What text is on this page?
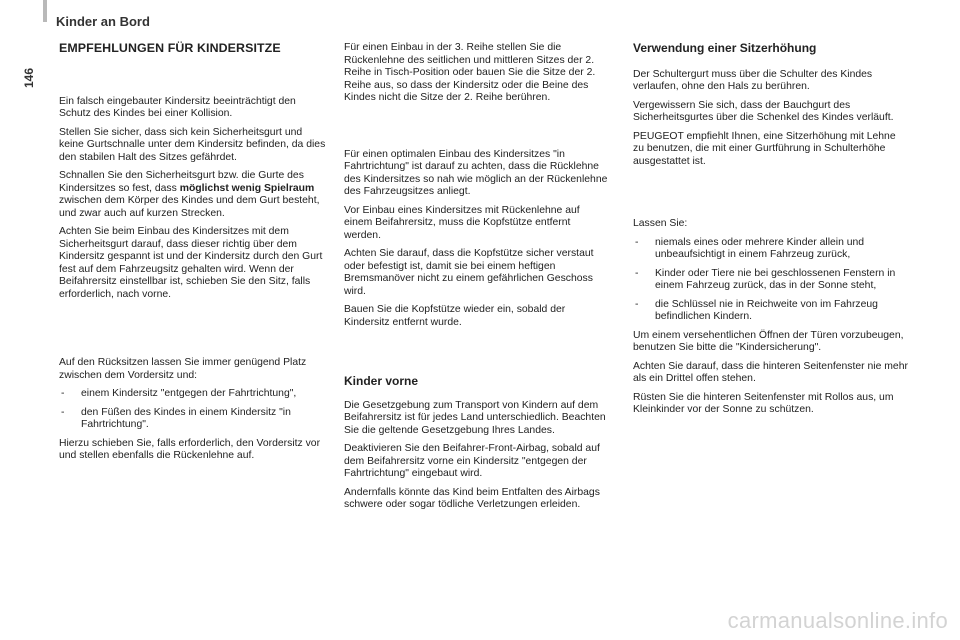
Kinder an Bord
146
EMPFEHLUNGEN FÜR KINDERSITZE

Ein falsch eingebauter Kindersitz beeinträchtigt den Schutz des Kindes bei einer Kollision.

Stellen Sie sicher, dass sich kein Sicherheitsgurt und keine Gurtschnalle unter dem Kindersitz befinden, da dies den stabilen Halt des Sitzes gefährdet.

Schnallen Sie den Sicherheitsgurt bzw. die Gurte des Kindersitzes so fest, dass möglichst wenig Spielraum zwischen dem Körper des Kindes und dem Gurt besteht, und zwar auch auf kurzen Strecken.

Achten Sie beim Einbau des Kindersitzes mit dem Sicherheitsgurt darauf, dass dieser richtig über dem Kindersitz gespannt ist und der Kindersitz durch den Gurt fest auf dem Fahrzeugsitz gehalten wird. Wenn der Beifahrersitz einstellbar ist, schieben Sie den Sitz, falls erforderlich, nach vorne.

Auf den Rücksitzen lassen Sie immer genügend Platz zwischen dem Vordersitz und:

- einem Kindersitz "entgegen der Fahrtrichtung",
- den Füßen des Kindes in einem Kindersitz "in Fahrtrichtung".

Hierzu schieben Sie, falls erforderlich, den Vordersitz vor und stellen ebenfalls die Rückenlehne auf.

Für einen Einbau in der 3. Reihe stellen Sie die Rückenlehne des seitlichen und mittleren Sitzes der 2. Reihe in Tisch-Position oder bauen Sie die Sitze der 2. Reihe aus, so dass der Kindersitz oder die Beine des Kindes nicht die Sitze der 2. Reihe berühren.

Für einen optimalen Einbau des Kindersitzes "in Fahrtrichtung" ist darauf zu achten, dass die Rücklehne des Kindersitzes so nah wie möglich an der Rückenlehne des Fahrzeugsitzes anliegt.

Vor Einbau eines Kindersitzes mit Rückenlehne auf einem Beifahrersitz, muss die Kopfstütze entfernt werden.

Achten Sie darauf, dass die Kopfstütze sicher verstaut oder befestigt ist, damit sie bei einem heftigen Bremsmanöver nicht zu einem gefährlichen Geschoss wird.

Bauen Sie die Kopfstütze wieder ein, sobald der Kindersitz entfernt wurde.

Kinder vorne

Die Gesetzgebung zum Transport von Kindern auf dem Beifahrersitz ist für jedes Land unterschiedlich. Beachten Sie die geltende Gesetzgebung Ihres Landes.

Deaktivieren Sie den Beifahrer-Front-Airbag, sobald auf dem Beifahrersitz vorne ein Kindersitz "entgegen der Fahrtrichtung" eingebaut wird.

Andernfalls könnte das Kind beim Entfalten des Airbags schwere oder sogar tödliche Verletzungen erleiden.

Verwendung einer Sitzerhöhung

Der Schultergurt muss über die Schulter des Kindes verlaufen, ohne den Hals zu berühren.

Vergewissern Sie sich, dass der Bauchgurt des Sicherheitsgurtes über die Schenkel des Kindes verläuft.

PEUGEOT empfiehlt Ihnen, eine Sitzerhöhung mit Lehne zu benutzen, die mit einer Gurtführung in Schulterhöhe ausgestattet ist.

Lassen Sie:

- niemals eines oder mehrere Kinder allein und unbeaufsichtigt in einem Fahrzeug zurück,
- Kinder oder Tiere nie bei geschlossenen Fenstern in einem Fahrzeug zurück, das in der Sonne steht,
- die Schlüssel nie in Reichweite von im Fahrzeug befindlichen Kindern.

Um einem versehentlichen Öffnen der Türen vorzubeugen, benutzen Sie bitte die "Kindersicherung".

Achten Sie darauf, dass die hinteren Seitenfenster nie mehr als ein Drittel offen stehen.

Rüsten Sie die hinteren Seitenfenster mit Rollos aus, um Kleinkinder vor der Sonne zu schützen.

carmanualsonline.info
